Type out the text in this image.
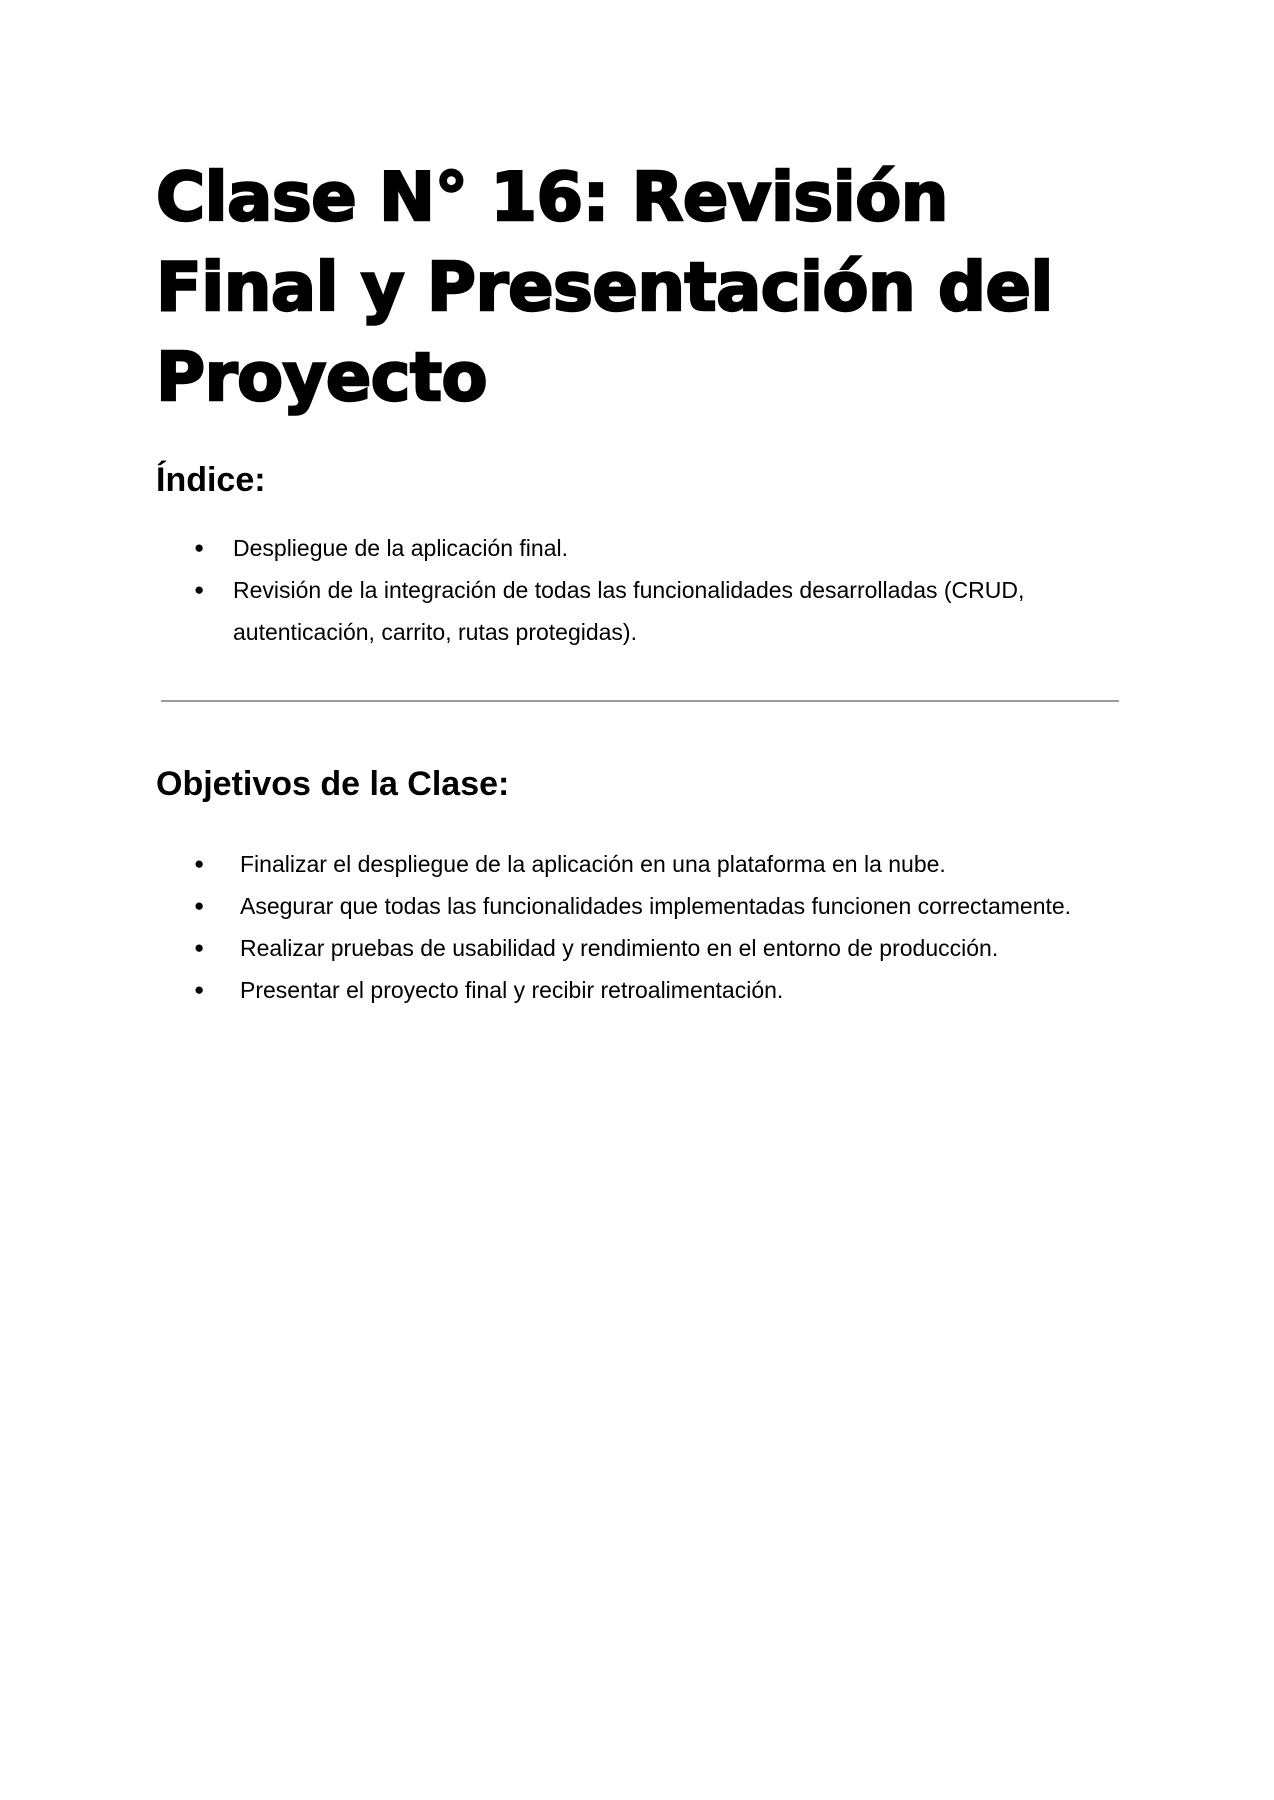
Clase N° 16: Revisión Final y Presentación del Proyecto
Índice:
● Despliegue de la aplicación final.
● Revisión de la integración de todas las funcionalidades desarrolladas (CRUD, autenticación, carrito, rutas protegidas).
Objetivos de la Clase:
● Finalizar el despliegue de la aplicación en una plataforma en la nube.
● Asegurar que todas las funcionalidades implementadas funcionen correctamente.
● Realizar pruebas de usabilidad y rendimiento en el entorno de producción.
● Presentar el proyecto final y recibir retroalimentación.
